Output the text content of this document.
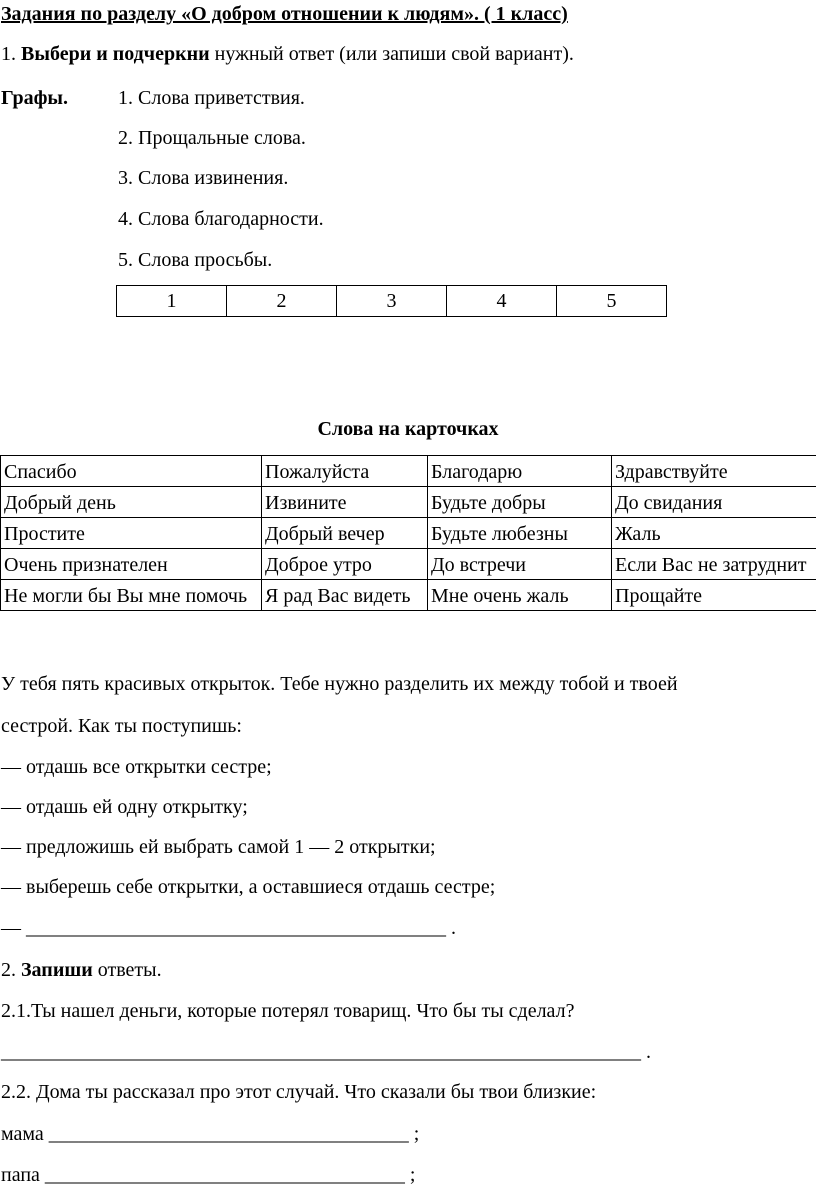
Задания по разделу «О добром отношении к людям». ( 1 класс)
1. Выбери и подчеркни нужный ответ (или запиши свой вариант).
Графы. 1. Слова приветствия.
2. Прощальные слова.
3. Слова извинения.
4. Слова благодарности.
5. Слова просьбы.
1	2	3	4	5
Слова на карточках
Спасибо	Пожалуйста	Благодарю	Здравствуйте
Добрый день	Извините	Будьте добры	До свидания
Простите	Добрый вечер	Будьте любезны	Жаль
Очень признателен	Доброе утро	До встречи	Если Вас не затруднит
Не могли бы Вы мне помочь	Я рад Вас видеть	Мне очень жаль	Прощайте
У тебя пять красивых открыток. Тебе нужно разделить их между тобой и твоей
сестрой. Как ты поступишь:
— отдашь все открытки сестре;
— отдашь ей одну открытку;
— предложишь ей выбрать самой 1 — 2 открытки;
— выберешь себе открытки, а оставшиеся отдашь сестре;
— __________________________________________ .
2. Запиши ответы.
2.1.Ты нашел деньги, которые потерял товарищ. Что бы ты сделал?
________________________________________________________________ .
2.2. Дома ты рассказал про этот случай. Что сказали бы твои близкие:
мама ____________________________________ ;
папа ____________________________________ ;
